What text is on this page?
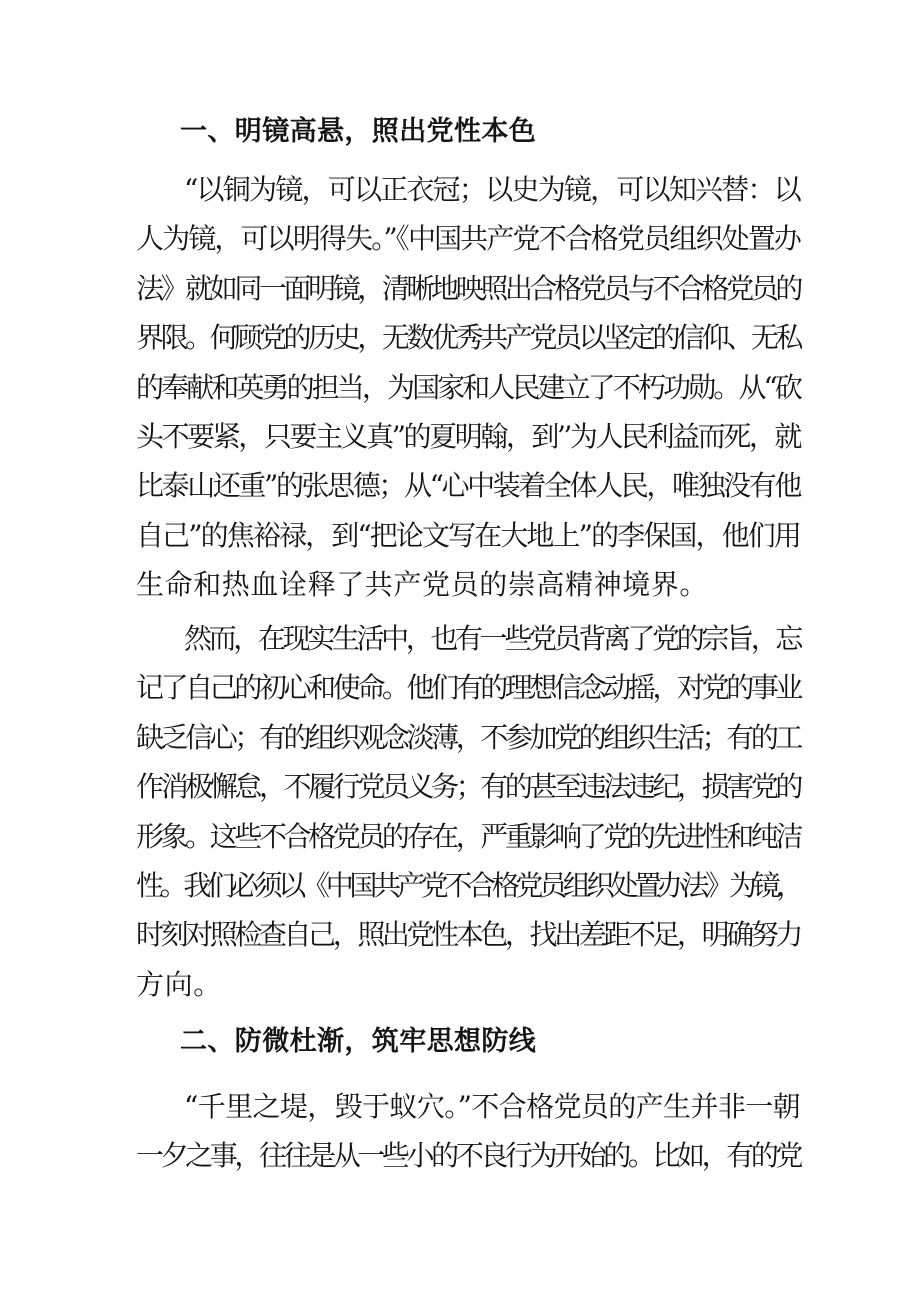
一、明镜高悬，照出党性本色
“以铜为镜，可以正衣冠；以史为镜，可以知兴替：以
人为镜，可以明得失。”《中国共产党不合格党员组织处置办
法》就如同一面明镜，清晰地映照出合格党员与不合格党员的
界限。何顾党的历史，无数优秀共产党员以坚定的信仰、无私
的奉献和英勇的担当，为国家和人民建立了不朽功勋。从“砍
头不要紧，只要主义真”的夏明翰，到’’为人民利益而死，就
比泰山还重”的张思德；从“心中装着全体人民，唯独没有他
自己”的焦裕禄，到“把论文写在大地上”的李保国，他们用
生命和热血诠释了共产党员的崇高精神境界。
然而，在现实生活中，也有一些党员背离了党的宗旨，忘
记了自己的初心和使命。他们有的理想信念动摇，对党的事业
缺乏信心；有的组织观念淡薄，不参加党的组织生活；有的工
作消极懈怠，不履行党员义务；有的甚至违法违纪，损害党的
形象。这些不合格党员的存在，严重影响了党的先进性和纯洁
性。我们必须以《中国共产党不合格党员组织处置办法》为镜，
时刻对照检查自己，照出党性本色，找出差距不足，明确努力
方向。
二、防微杜渐，筑牢思想防线
“千里之堤，毁于蚁穴。”不合格党员的产生并非一朝
一夕之事，往往是从一些小的不良行为开始的。比如，有的党
